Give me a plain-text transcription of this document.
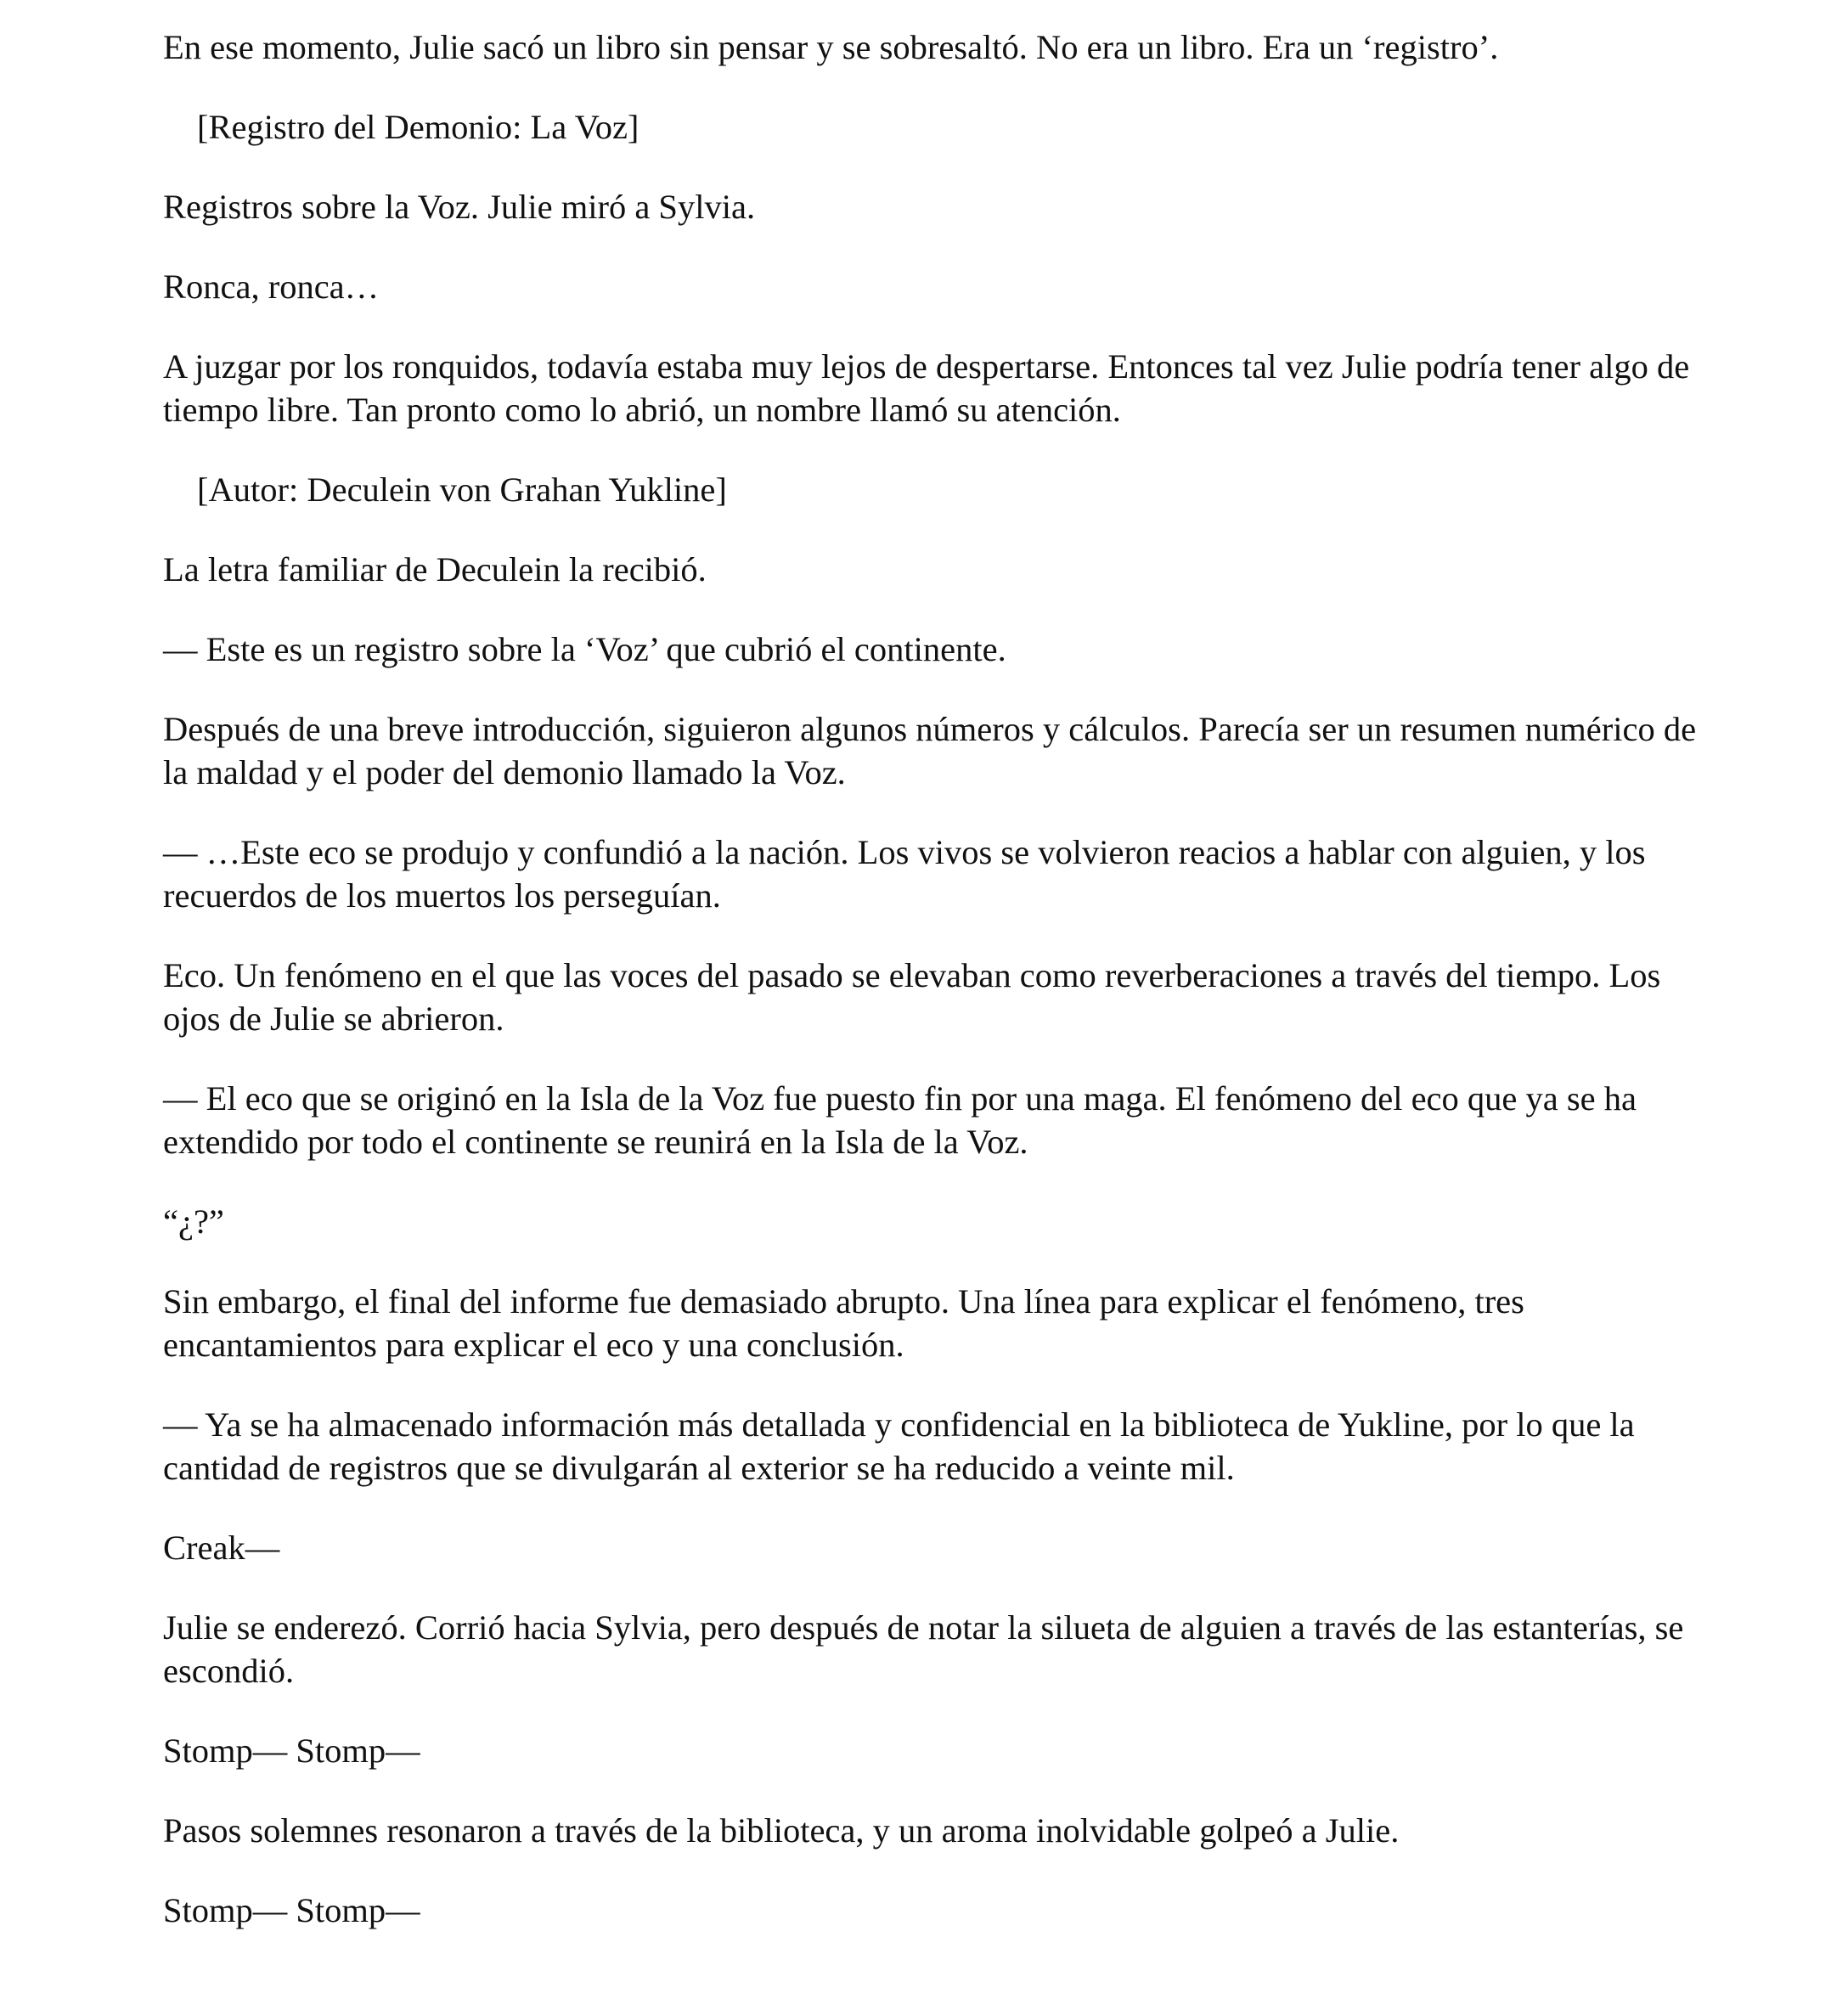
En ese momento, Julie sacó un libro sin pensar y se sobresaltó. No era un libro. Era un ‘registro’.

[Registro del Demonio: La Voz]

Registros sobre la Voz. Julie miró a Sylvia.

Ronca, ronca…

A juzgar por los ronquidos, todavía estaba muy lejos de despertarse. Entonces tal vez Julie podría tener algo de tiempo libre. Tan pronto como lo abrió, un nombre llamó su atención.

[Autor: Deculein von Grahan Yukline]

La letra familiar de Deculein la recibió.

— Este es un registro sobre la ‘Voz’ que cubrió el continente.

Después de una breve introducción, siguieron algunos números y cálculos. Parecía ser un resumen numérico de la maldad y el poder del demonio llamado la Voz.

— …Este eco se produjo y confundió a la nación. Los vivos se volvieron reacios a hablar con alguien, y los recuerdos de los muertos los perseguían.

Eco. Un fenómeno en el que las voces del pasado se elevaban como reverberaciones a través del tiempo. Los ojos de Julie se abrieron.

— El eco que se originó en la Isla de la Voz fue puesto fin por una maga. El fenómeno del eco que ya se ha extendido por todo el continente se reunirá en la Isla de la Voz.

“¿?”

Sin embargo, el final del informe fue demasiado abrupto. Una línea para explicar el fenómeno, tres encantamientos para explicar el eco y una conclusión.

— Ya se ha almacenado información más detallada y confidencial en la biblioteca de Yukline, por lo que la cantidad de registros que se divulgarán al exterior se ha reducido a veinte mil.

Creak—

Julie se enderezó. Corrió hacia Sylvia, pero después de notar la silueta de alguien a través de las estanterías, se escondió.

Stomp— Stomp—

Pasos solemnes resonaron a través de la biblioteca, y un aroma inolvidable golpeó a Julie.

Stomp— Stomp—
